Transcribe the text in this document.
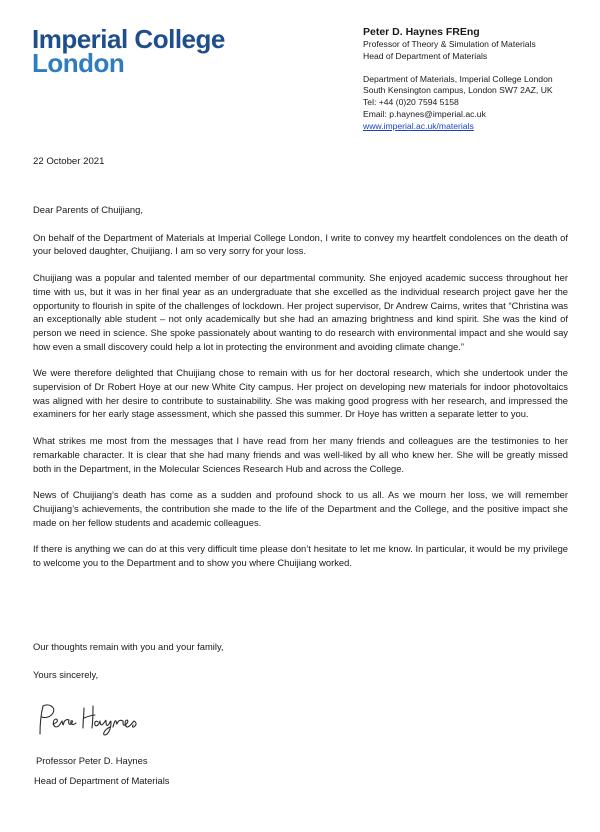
Imperial College
London
Peter D. Haynes FREng
Professor of Theory & Simulation of Materials
Head of Department of Materials
Department of Materials, Imperial College London
South Kensington campus, London SW7 2AZ, UK
Tel: +44 (0)20 7594 5158
Email: p.haynes@imperial.ac.uk
www.imperial.ac.uk/materials
22 October 2021

Dear Parents of Chuijiang,

On behalf of the Department of Materials at Imperial College London, I write to convey my heartfelt condolences on the death of your beloved daughter, Chuijiang. I am so very sorry for your loss.

Chuijiang was a popular and talented member of our departmental community. She enjoyed academic success throughout her time with us, but it was in her final year as an undergraduate that she excelled as the individual research project gave her the opportunity to flourish in spite of the challenges of lockdown. Her project supervisor, Dr Andrew Cairns, writes that “Christina was an exceptionally able student – not only academically but she had an amazing brightness and kind spirit. She was the kind of person we need in science. She spoke passionately about wanting to do research with environmental impact and she would say how even a small discovery could help a lot in protecting the environment and avoiding climate change.”

We were therefore delighted that Chuijiang chose to remain with us for her doctoral research, which she undertook under the supervision of Dr Robert Hoye at our new White City campus. Her project on developing new materials for indoor photovoltaics was aligned with her desire to contribute to sustainability. She was making good progress with her research, and impressed the examiners for her early stage assessment, which she passed this summer. Dr Hoye has written a separate letter to you.

What strikes me most from the messages that I have read from her many friends and colleagues are the testimonies to her remarkable character. It is clear that she had many friends and was well-liked by all who knew her. She will be greatly missed both in the Department, in the Molecular Sciences Research Hub and across the College.

News of Chuijiang’s death has come as a sudden and profound shock to us all. As we mourn her loss, we will remember Chuijiang’s achievements, the contribution she made to the life of the Department and the College, and the positive impact she made on her fellow students and academic colleagues.

If there is anything we can do at this very difficult time please don’t hesitate to let me know. In particular, it would be my privilege to welcome you to the Department and to show you where Chuijiang worked.

Our thoughts remain with you and your family,
Yours sincerely,
Professor Peter D. Haynes
Head of Department of Materials
